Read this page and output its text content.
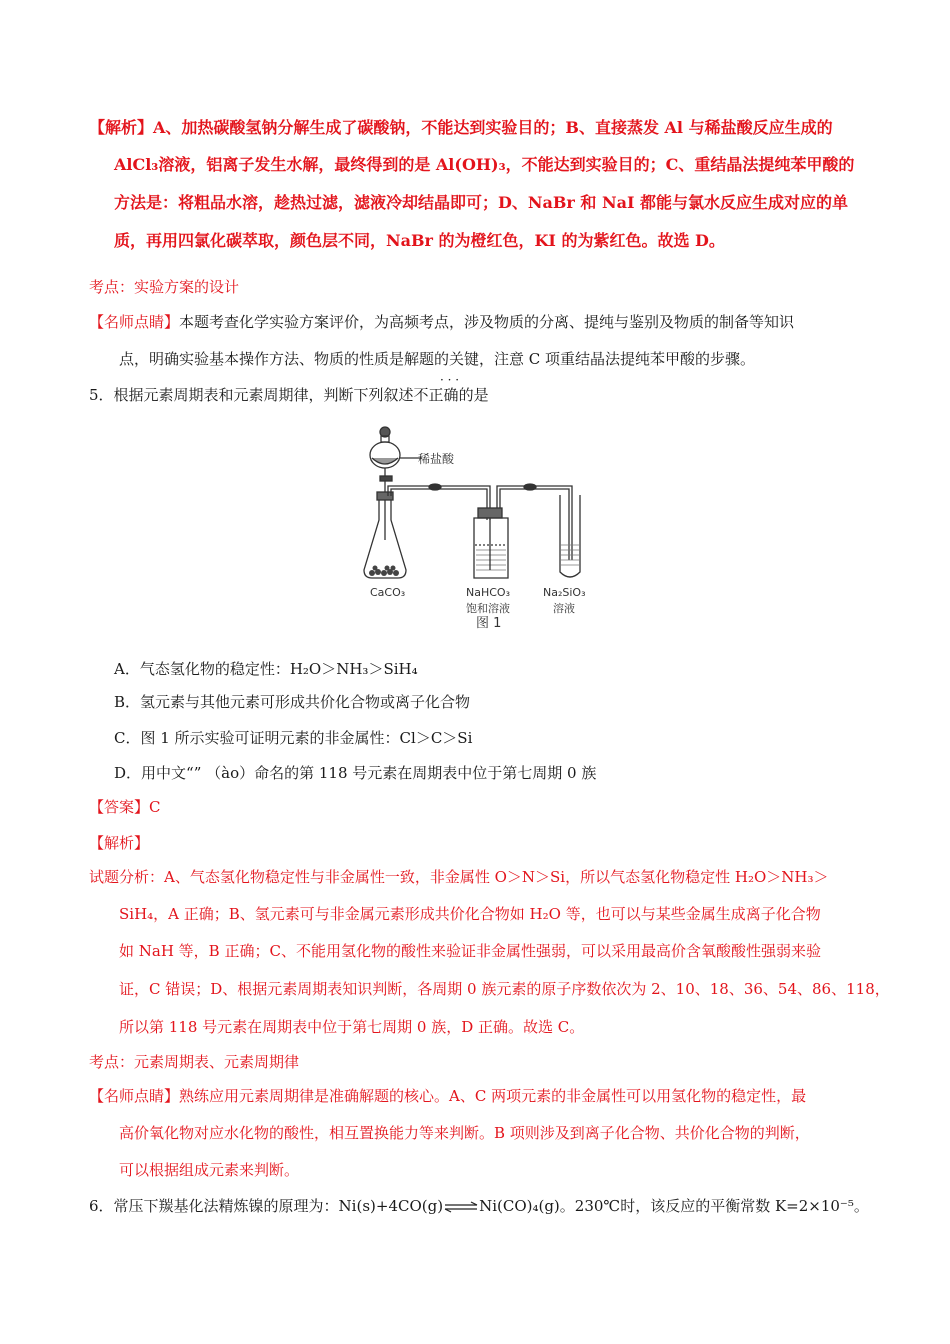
【解析】A、加热碳酸氢钠分解生成了碳酸钠，不能达到实验目的；B、直接蒸发 Al 与稀盐酸反应生成的
AlCl₃溶液，铝离子发生水解，最终得到的是 Al(OH)₃，不能达到实验目的；C、重结晶法提纯苯甲酸的
方法是：将粗品水溶，趁热过滤，滤液冷却结晶即可；D、NaBr 和 NaI 都能与氯水反应生成对应的单
质，再用四氯化碳萃取，颜色层不同，NaBr 的为橙红色，KI 的为紫红色。故选 D。
考点：实验方案的设计
【名师点睛】本题考查化学实验方案评价，为高频考点，涉及物质的分离、提纯与鉴别及物质的制备等知识
点，明确实验基本操作方法、物质的性质是解题的关键，注意 C 项重结晶法提纯苯甲酸的步骤。
· · ·
5．根据元素周期表和元素周期律，判断下列叙述不正确的是
稀盐酸
CaCO₃	NaHCO₃
饱和溶液
Na₂SiO₃
溶液
图 1
A．气态氢化物的稳定性：H₂O＞NH₃＞SiH₄
B．氢元素与其他元素可形成共价化合物或离子化合物
C．图 1 所示实验可证明元素的非金属性：Cl＞C＞Si
D．用中文“” （ào）命名的第 118 号元素在周期表中位于第七周期 0 族
【答案】C
【解析】
试题分析：A、气态氢化物稳定性与非金属性一致，非金属性 O＞N＞Si，所以气态氢化物稳定性 H₂O＞NH₃＞
SiH₄，A 正确；B、氢元素可与非金属元素形成共价化合物如 H₂O 等，也可以与某些金属生成离子化合物
如 NaH 等，B 正确；C、不能用氢化物的酸性来验证非金属性强弱，可以采用最高价含氧酸酸性强弱来验
证，C 错误；D、根据元素周期表知识判断，各周期 0 族元素的原子序数依次为 2、10、18、36、54、86、118，
所以第 118 号元素在周期表中位于第七周期 0 族，D 正确。故选 C。
考点：元素周期表、元素周期律
【名师点睛】熟练应用元素周期律是准确解题的核心。A、C 两项元素的非金属性可以用氢化物的稳定性，最
高价氧化物对应水化物的酸性，相互置换能力等来判断。B 项则涉及到离子化合物、共价化合物的判断，
可以根据组成元素来判断。
6．常压下羰基化法精炼镍的原理为：Ni(s)+4CO(g)⇌Ni(CO)₄(g)。230℃时，该反应的平衡常数 K=2×10⁻⁵。
